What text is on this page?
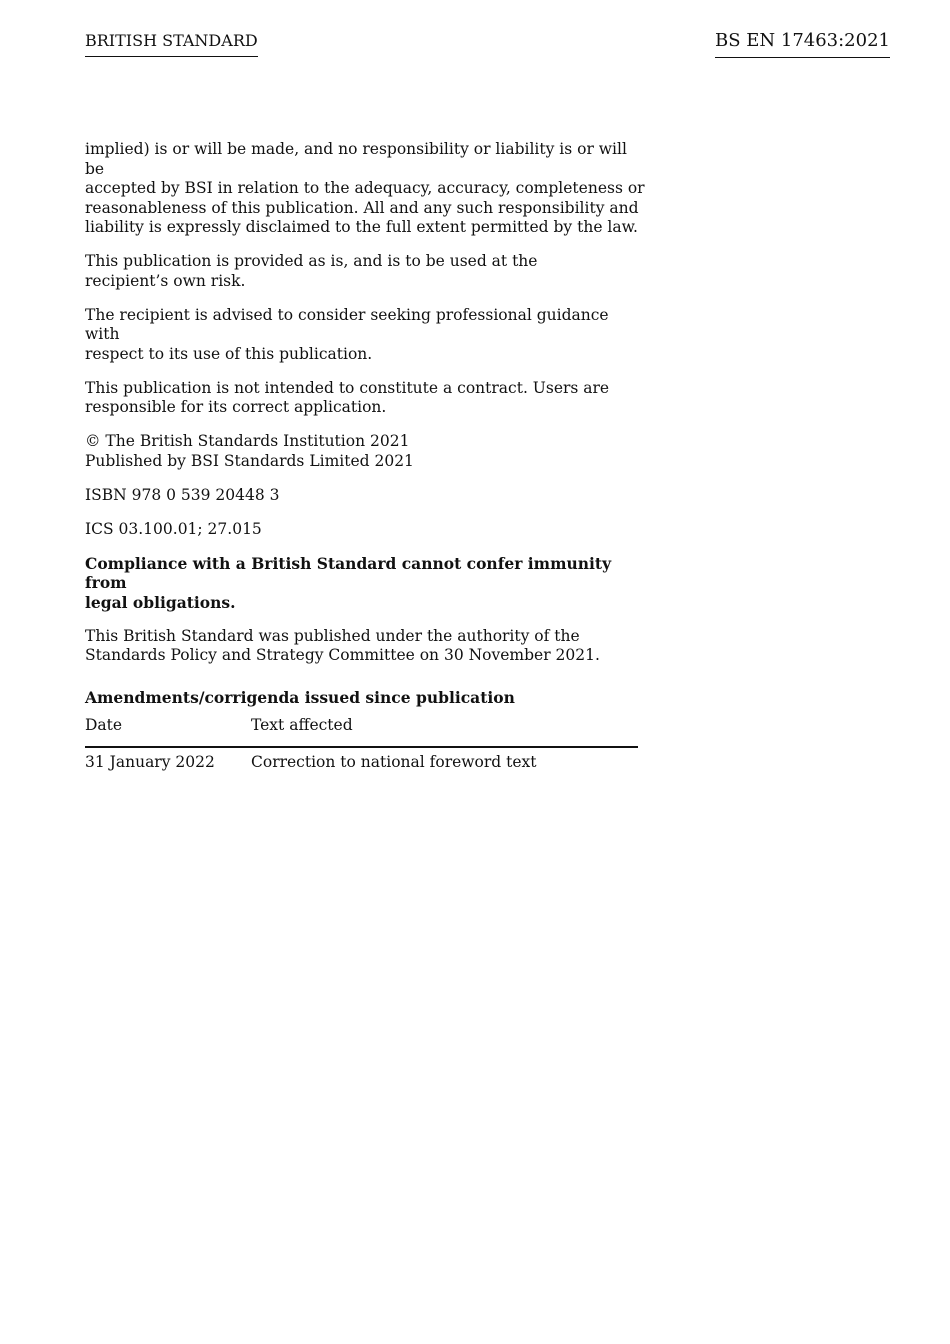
BRITISH STANDARD	BS EN 17463:2021

implied) is or will be made, and no responsibility or liability is or will be
accepted by BSI in relation to the adequacy, accuracy, completeness or
reasonableness of this publication. All and any such responsibility and
liability is expressly disclaimed to the full extent permitted by the law.

This publication is provided as is, and is to be used at the
recipient’s own risk.

The recipient is advised to consider seeking professional guidance with
respect to its use of this publication.

This publication is not intended to constitute a contract. Users are
responsible for its correct application.

© The British Standards Institution 2021
Published by BSI Standards Limited 2021

ISBN 978 0 539 20448 3

ICS 03.100.01; 27.015

Compliance with a British Standard cannot confer immunity from
legal obligations.

This British Standard was published under the authority of the
Standards Policy and Strategy Committee on 30 November 2021.

Amendments/corrigenda issued since publication
Date	Text affected
31 January 2022	Correction to national foreword text
